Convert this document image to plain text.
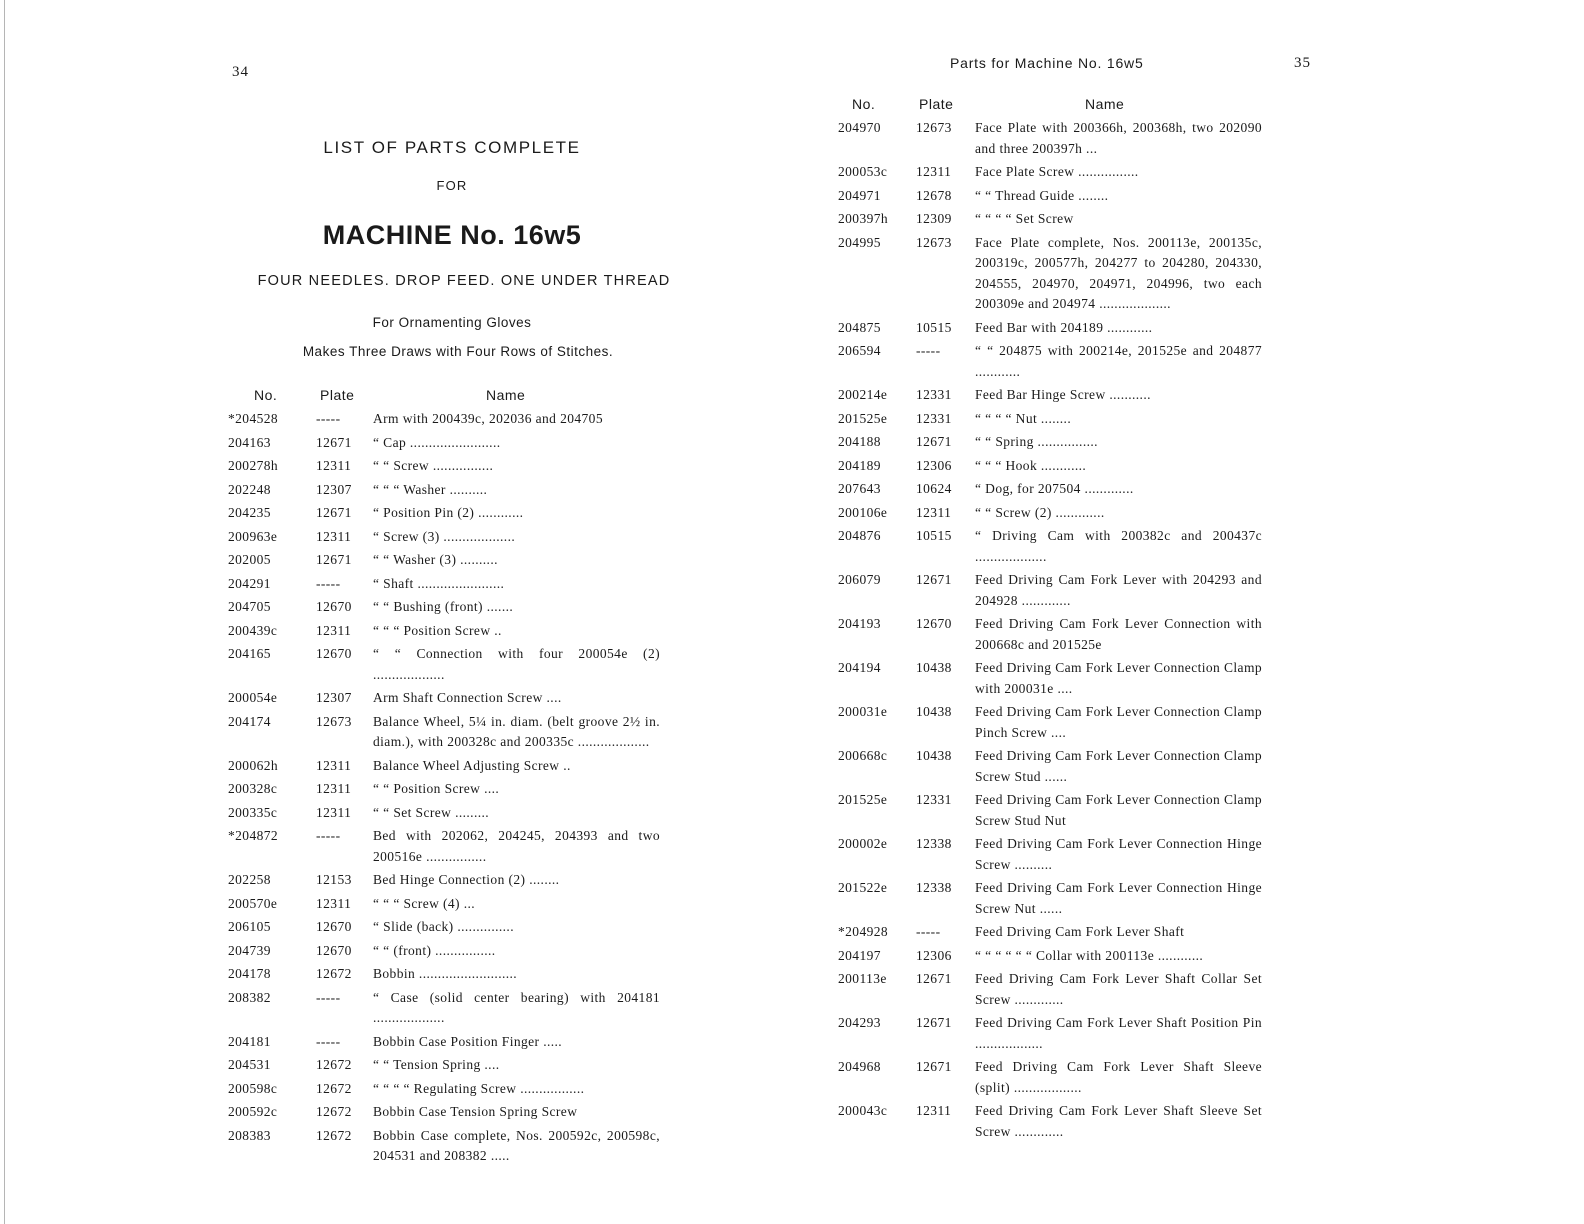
34
LIST OF PARTS COMPLETE
FOR
MACHINE No. 16w5
FOUR NEEDLES. DROP FEED. ONE UNDER THREAD
For Ornamenting Gloves
Makes Three Draws with Four Rows of Stitches.
No.	Plate	Name
*204528	----- Arm with 200439c, 202036 and 204705
204163	12671 “ Cap ........................
200278h	12311 “ “ Screw ................
202248	12307 “ “ “ Washer ..........
204235	12671 “ Position Pin (2) ............
200963e	12311 “ Screw (3) ...................
202005	12671 “ “ Washer (3) ..........
204291	----- “ Shaft .......................
204705	12670 “ “ Bushing (front) .......
200439c	12311 “ “ “ Position Screw ..
204165	12670 “ “ Connection with four 200054e (2) ...................
200054e	12307 Arm Shaft Connection Screw ....
204174	12673 Balance Wheel, 5¼ in. diam. (belt groove 2½ in. diam.), with 200328c and 200335c ...................
200062h	12311 Balance Wheel Adjusting Screw ..
200328c	12311 “ “ Position Screw ....
200335c	12311 “ “ Set Screw .........
*204872	----- Bed with 202062, 204245, 204393 and two 200516e ................
202258	12153 Bed Hinge Connection (2) ........
200570e	12311 “ “ “ Screw (4) ...
206105	12670 “ Slide (back) ...............
204739	12670 “ “ (front) ................
204178	12672 Bobbin ..........................
208382	----- “ Case (solid center bearing) with 204181 ...................
204181	----- Bobbin Case Position Finger .....
204531	12672 “ “ Tension Spring ....
200598c	12672 “ “ “ “ Regulating Screw .................
200592c	12672 Bobbin Case Tension Spring Screw
208383	12672 Bobbin Case complete, Nos. 200592c, 200598c, 204531 and 208382 .....
Parts for Machine No. 16w5	35
No.	Plate	Name
204970	12673 Face Plate with 200366h, 200368h, two 202090 and three 200397h ...
200053c 12311 Face Plate Screw ................
204971	12678 “ “ Thread Guide ........
200397h 12309 “ “ “ “ Set Screw
204995	12673 Face Plate complete, Nos. 200113e, 200135c, 200319c, 200577h, 204277 to 204280, 204330, 204555, 204970, 204971, 204996, two each 200309e and 204974 ...................
204875	10515 Feed Bar with 204189 ............
206594	-----	“ “ 204875 with 200214e, 201525e and 204877 ............
200214e 12331 Feed Bar Hinge Screw ...........
201525e 12331 “ “ “ “ Nut ........
204188	12671 “ “ Spring ................
204189	12306 “ “ “ Hook ............
207643	10624 “ Dog, for 207504 .............
200106e 12311 “ “ Screw (2) .............
204876	10515 “ Driving Cam with 200382c and 200437c ...................
206079	12671 Feed Driving Cam Fork Lever with 204293 and 204928 .............
204193	12670 Feed Driving Cam Fork Lever Connection with 200668c and 201525e
204194	10438 Feed Driving Cam Fork Lever Connection Clamp with 200031e ....
200031e 10438 Feed Driving Cam Fork Lever Connection Clamp Pinch Screw ....
200668c 10438 Feed Driving Cam Fork Lever Connection Clamp Screw Stud ......
201525e 12331 Feed Driving Cam Fork Lever Connection Clamp Screw Stud Nut
200002e 12338 Feed Driving Cam Fork Lever Connection Hinge Screw ..........
201522e 12338 Feed Driving Cam Fork Lever Connection Hinge Screw Nut ......
*204928 -----	Feed Driving Cam Fork Lever Shaft
204197	12306 “ “ “ “ “ “ Collar with 200113e ............
200113e 12671 Feed Driving Cam Fork Lever Shaft Collar Set Screw .............
204293	12671 Feed Driving Cam Fork Lever Shaft Position Pin ..................
204968	12671 Feed Driving Cam Fork Lever Shaft Sleeve (split) ..................
200043c 12311 Feed Driving Cam Fork Lever Shaft Sleeve Set Screw .............
